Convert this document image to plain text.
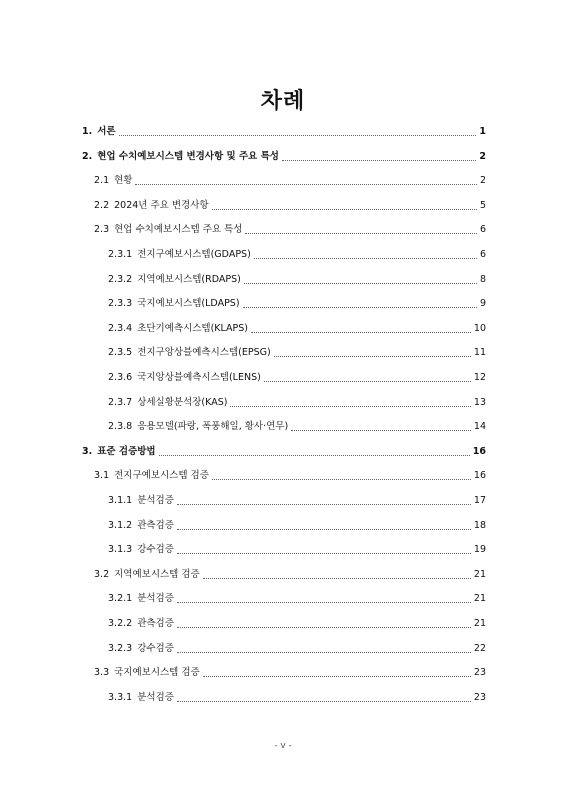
차례
1. 서론	1
2. 현업 수치예보시스템 변경사항 및 주요 특성	2
2.1 현황	2
2.2 2024년 주요 변경사항	5
2.3 현업 수치예보시스템 주요 특성	6
2.3.1 전지구예보시스템(GDAPS)	6
2.3.2 지역예보시스템(RDAPS)	8
2.3.3 국지예보시스템(LDAPS)	9
2.3.4 초단기예측시스템(KLAPS)	10
2.3.5 전지구앙상블예측시스템(EPSG)	11
2.3.6 국지앙상블예측시스템(LENS)	12
2.3.7 상세실황분석장(KAS)	13
2.3.8 응용모델(파랑, 폭풍해일, 황사·연무)	14
3. 표준 검증방법	16
3.1 전지구예보시스템 검증	16
3.1.1 분석검증	17
3.1.2 관측검증	18
3.1.3 강수검증	19
3.2 지역예보시스템 검증	21
3.2.1 분석검증	21
3.2.2 관측검증	21
3.2.3 강수검증	22
3.3 국지예보시스템 검증	23
3.3.1 분석검증	23
- v -
